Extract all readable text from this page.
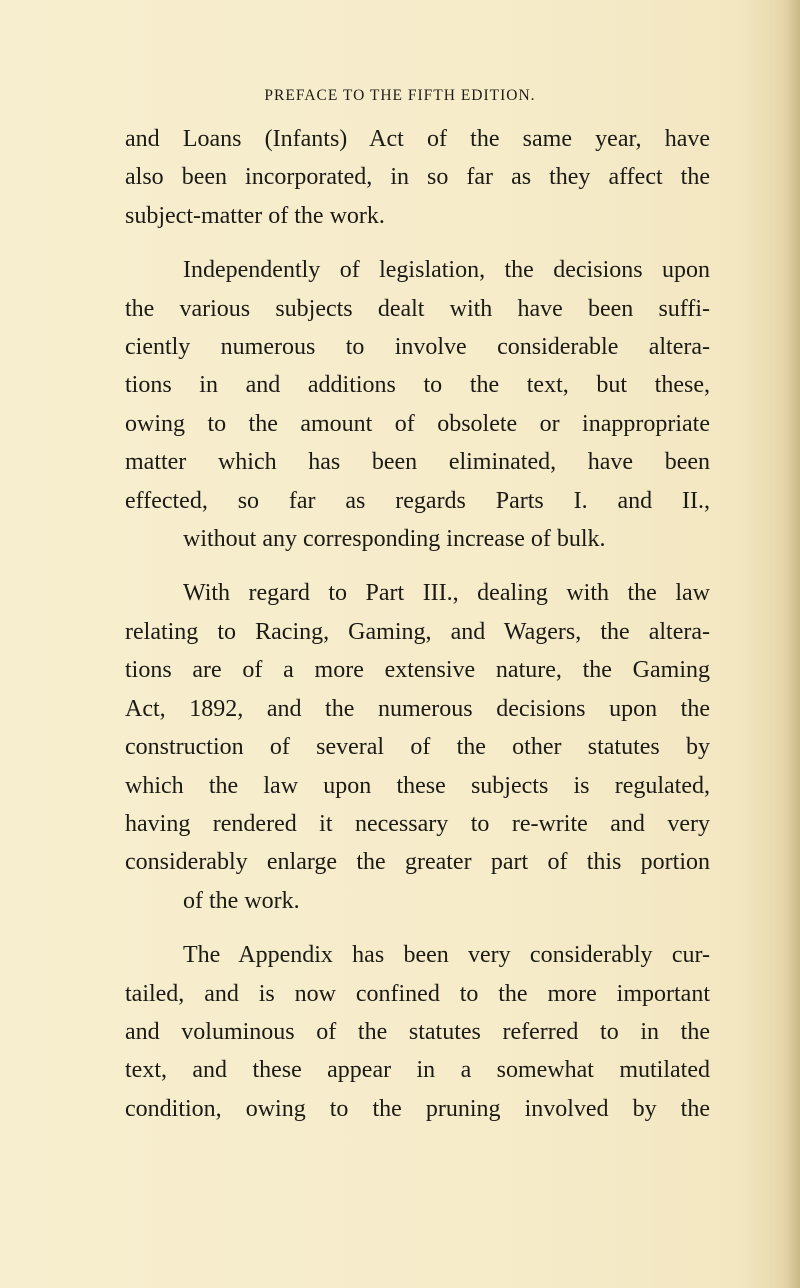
PREFACE TO THE FIFTH EDITION.

and Loans (Infants) Act of the same year, have
also been incorporated, in so far as they affect the

subject-matter of the work.

Independently of legislation, the decisions upon
the various subjects dealt with have been suffi-
ciently numerous to involve considerable altera-
tions in and additions to the text, but these,
owing to the amount of obsolete or inappropriate
matter which has been eliminated, have been
effected, so far as regards Parts I. and II.,

without any corresponding increase of bulk.

With regard to Part III., dealing with the law
relating to Racing, Gaming, and Wagers, the altera-
tions are of a more extensive nature, the Gaming
Act, 1892, and the numerous decisions upon the
construction of several of the other statutes by
which the law upon these subjects is regulated,
having rendered it necessary to re-write and very
considerably enlarge the greater part of this portion

of the work.

The Appendix has been very considerably cur-
tailed, and is now confined to the more important
and voluminous of the statutes referred to in the
text, and these appear in a somewhat mutilated
condition, owing to the pruning involved by the
